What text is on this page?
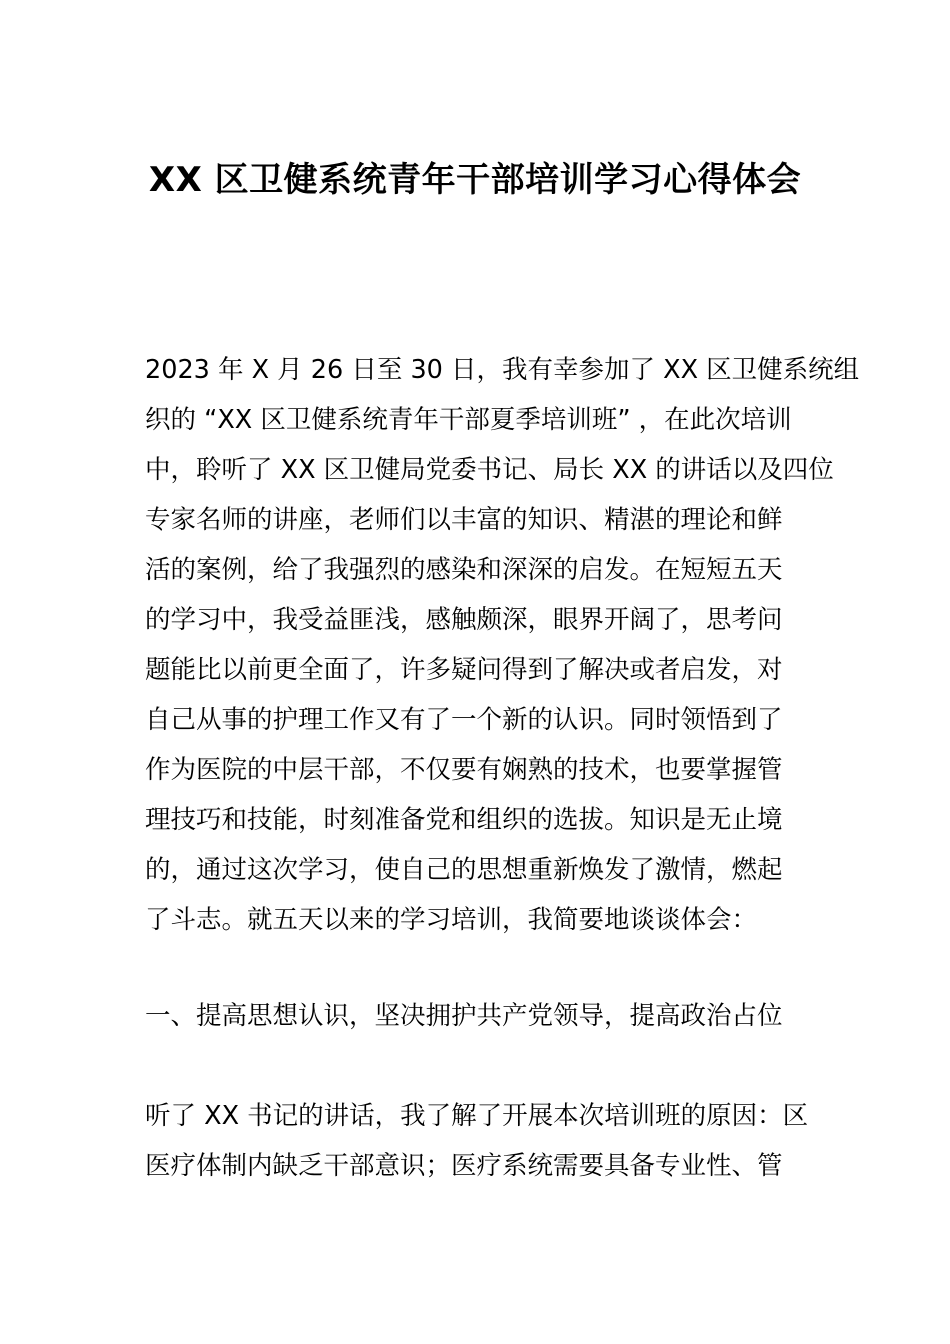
XX 区卫健系统青年干部培训学习心得体会
2023 年 X 月 26 日至 30 日，我有幸参加了 XX 区卫健系统组
织的 “XX 区卫健系统青年干部夏季培训班” ，在此次培训
中，聆听了 XX 区卫健局党委书记、局长 XX 的讲话以及四位
专家名师的讲座，老师们以丰富的知识、精湛的理论和鲜
活的案例，给了我强烈的感染和深深的启发。在短短五天
的学习中，我受益匪浅，感触颇深，眼界开阔了，思考问
题能比以前更全面了，许多疑问得到了解决或者启发，对
自己从事的护理工作又有了一个新的认识。同时领悟到了
作为医院的中层干部，不仅要有娴熟的技术，也要掌握管
理技巧和技能，时刻准备党和组织的选拔。知识是无止境
的，通过这次学习，使自己的思想重新焕发了激情，燃起
了斗志。就五天以来的学习培训，我简要地谈谈体会：
一、提高思想认识，坚决拥护共产党领导，提高政治占位
听了 XX 书记的讲话，我了解了开展本次培训班的原因：区
医疗体制内缺乏干部意识；医疗系统需要具备专业性、管
